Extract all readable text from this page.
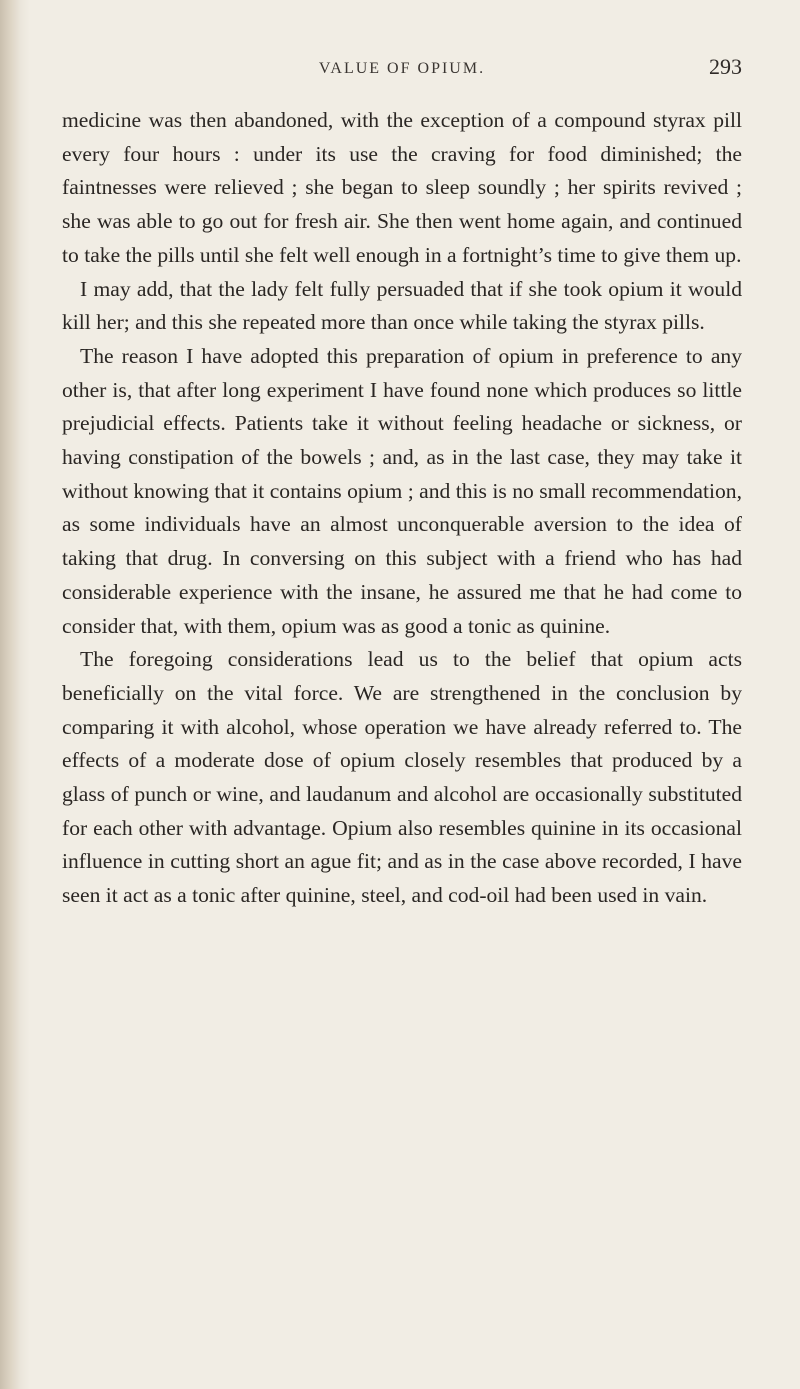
VALUE OF OPIUM.	293

medicine was then abandoned, with the exception of a compound styrax pill every four hours : under its use the craving for food diminished; the faintnesses were relieved ; she began to sleep soundly ; her spirits revived ; she was able to go out for fresh air. She then went home again, and continued to take the pills until she felt well enough in a fortnight’s time to give them up.

I may add, that the lady felt fully persuaded that if she took opium it would kill her; and this she repeated more than once while taking the styrax pills.

The reason I have adopted this preparation of opium in preference to any other is, that after long experiment I have found none which produces so little prejudicial effects. Patients take it without feeling headache or sickness, or having constipation of the bowels ; and, as in the last case, they may take it without knowing that it contains opium ; and this is no small recommendation, as some individuals have an almost unconquerable aversion to the idea of taking that drug. In conversing on this subject with a friend who has had considerable experience with the insane, he assured me that he had come to consider that, with them, opium was as good a tonic as quinine.

The foregoing considerations lead us to the belief that opium acts beneficially on the vital force. We are strengthened in the conclusion by comparing it with alcohol, whose operation we have already referred to. The effects of a moderate dose of opium closely resembles that produced by a glass of punch or wine, and laudanum and alcohol are occasionally substituted for each other with advantage. Opium also resembles quinine in its occasional influence in cutting short an ague fit; and as in the case above recorded, I have seen it act as a tonic after quinine, steel, and cod-oil had been used in vain.
